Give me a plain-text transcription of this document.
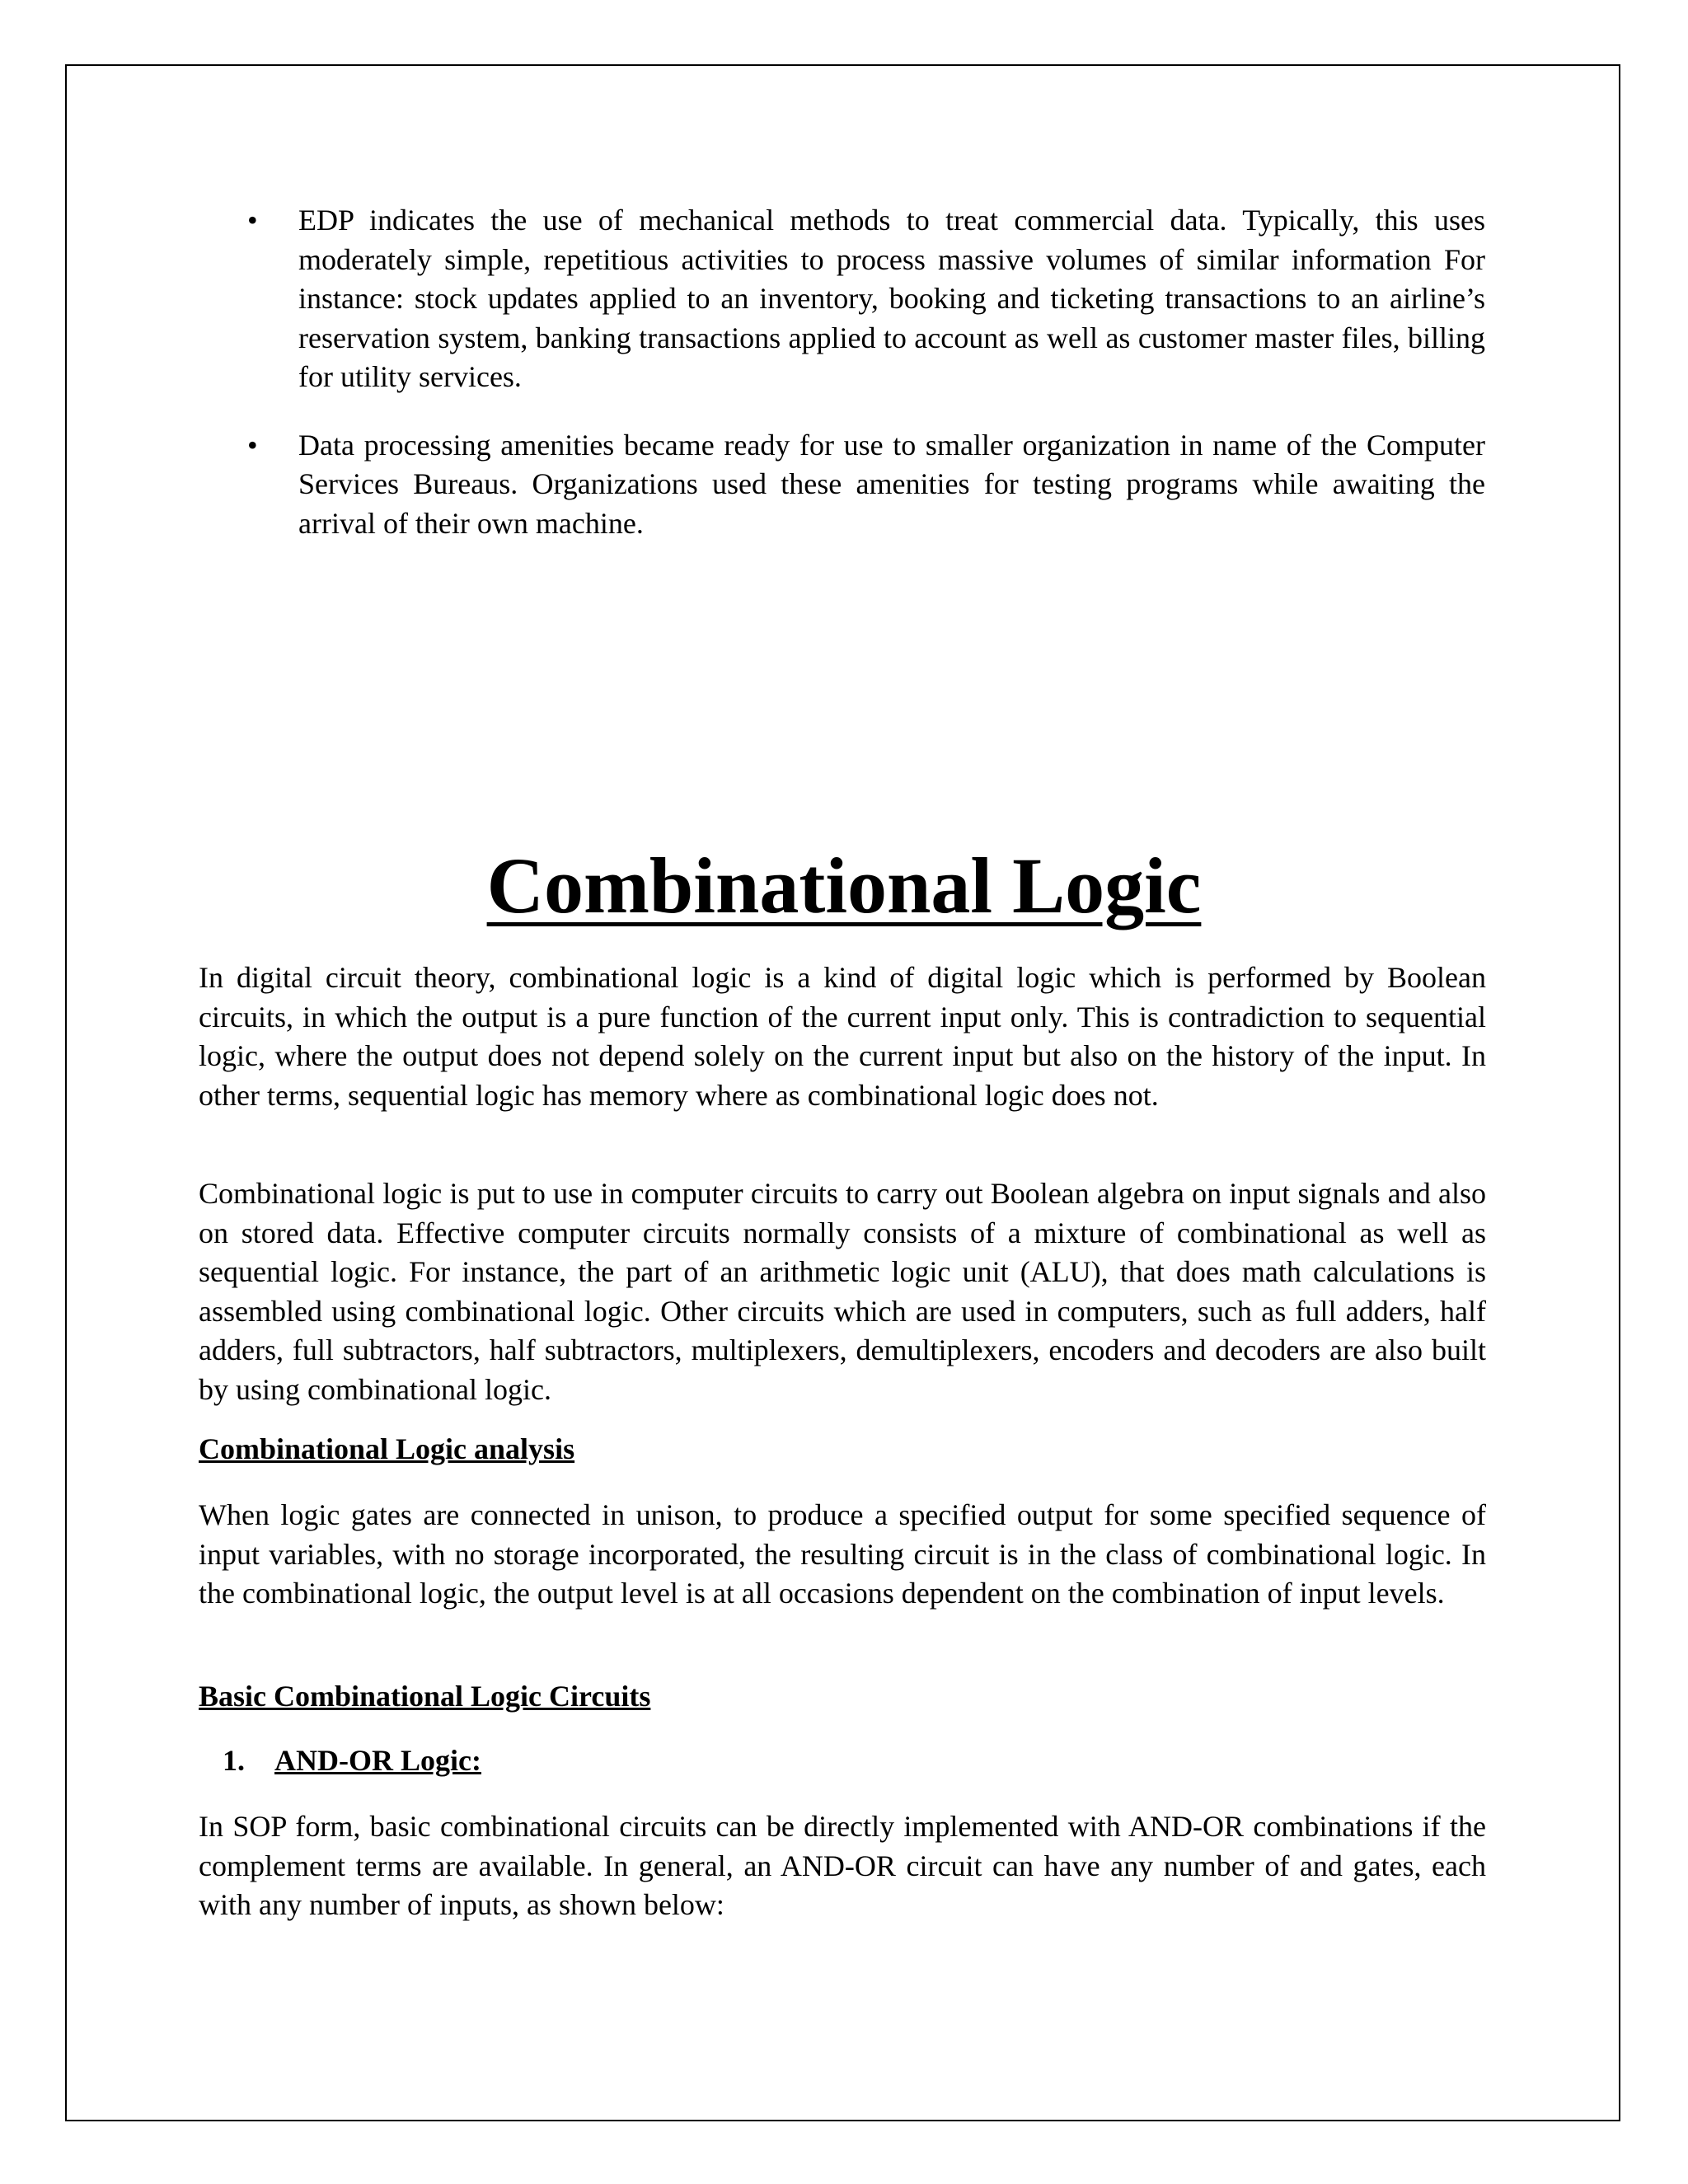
• EDP indicates the use of mechanical methods to treat commercial data. Typically, this uses moderately simple, repetitious activities to process massive volumes of similar information For instance: stock updates applied to an inventory, booking and ticketing transactions to an airline’s reservation system, banking transactions applied to account as well as customer master files, billing for utility services.
• Data processing amenities became ready for use to smaller organization in name of the Computer Services Bureaus. Organizations used these amenities for testing programs while awaiting the arrival of their own machine.
Combinational Logic

In digital circuit theory, combinational logic is a kind of digital logic which is performed by Boolean circuits, in which the output is a pure function of the current input only. This is contradiction to sequential logic, where the output does not depend solely on the current input but also on the history of the input. In other terms, sequential logic has memory where as combinational logic does not.

Combinational logic is put to use in computer circuits to carry out Boolean algebra on input signals and also on stored data. Effective computer circuits normally consists of a mixture of combinational as well as sequential logic. For instance, the part of an arithmetic logic unit (ALU), that does math calculations is assembled using combinational logic. Other circuits which are used in computers, such as full adders, half adders, full subtractors, half subtractors, multiplexers, demultiplexers, encoders and decoders are also built by using combinational logic.

Combinational Logic analysis

When logic gates are connected in unison, to produce a specified output for some specified sequence of input variables, with no storage incorporated, the resulting circuit is in the class of combinational logic. In the combinational logic, the output level is at all occasions dependent on the combination of input levels.

Basic Combinational Logic Circuits

1. AND-OR Logic:

In SOP form, basic combinational circuits can be directly implemented with AND-OR combinations if the complement terms are available. In general, an AND-OR circuit can have any number of and gates, each with any number of inputs, as shown below:
